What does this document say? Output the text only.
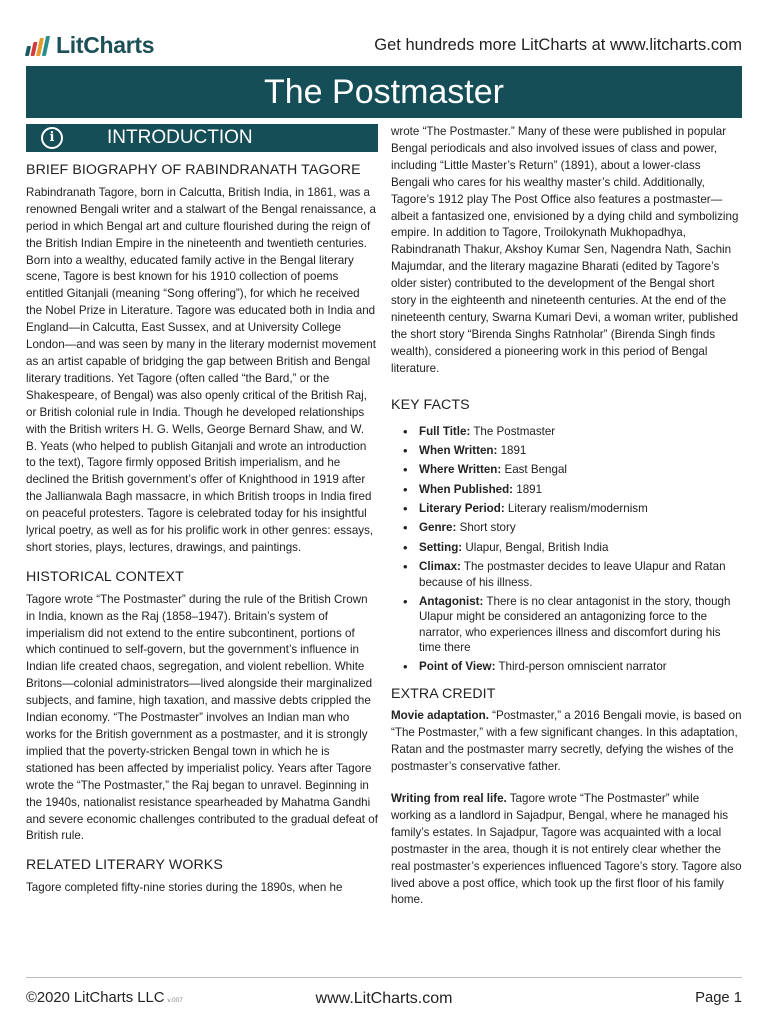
LitCharts	Get hundreds more LitCharts at www.litcharts.com
The Postmaster
i	INTRODUCTION
BRIEF BIOGRAPHY OF RABINDRANATH TAGORE

Rabindranath Tagore, born in Calcutta, British India, in 1861, was a renowned Bengali writer and a stalwart of the Bengal renaissance, a period in which Bengal art and culture flourished during the reign of the British Indian Empire in the nineteenth and twentieth centuries. Born into a wealthy, educated family active in the Bengal literary scene, Tagore is best known for his 1910 collection of poems entitled Gitanjali (meaning “Song offering”), for which he received the Nobel Prize in Literature. Tagore was educated both in India and England—in Calcutta, East Sussex, and at University College London—and was seen by many in the literary modernist movement as an artist capable of bridging the gap between British and Bengal literary traditions. Yet Tagore (often called “the Bard,” or the Shakespeare, of Bengal) was also openly critical of the British Raj, or British colonial rule in India. Though he developed relationships with the British writers H. G. Wells, George Bernard Shaw, and W. B. Yeats (who helped to publish Gitanjali and wrote an introduction to the text), Tagore firmly opposed British imperialism, and he declined the British government’s offer of Knighthood in 1919 after the Jallianwala Bagh massacre, in which British troops in India fired on peaceful protesters. Tagore is celebrated today for his insightful lyrical poetry, as well as for his prolific work in other genres: essays, short stories, plays, lectures, drawings, and paintings.

HISTORICAL CONTEXT

Tagore wrote “The Postmaster” during the rule of the British Crown in India, known as the Raj (1858–1947). Britain’s system of imperialism did not extend to the entire subcontinent, portions of which continued to self-govern, but the government’s influence in Indian life created chaos, segregation, and violent rebellion. White Britons—colonial administrators—lived alongside their marginalized subjects, and famine, high taxation, and massive debts crippled the Indian economy. “The Postmaster” involves an Indian man who works for the British government as a postmaster, and it is strongly implied that the poverty-stricken Bengal town in which he is stationed has been affected by imperialist policy. Years after Tagore wrote the “The Postmaster,” the Raj began to unravel. Beginning in the 1940s, nationalist resistance spearheaded by Mahatma Gandhi and severe economic challenges contributed to the gradual defeat of British rule.

RELATED LITERARY WORKS

Tagore completed fifty-nine stories during the 1890s, when he

wrote “The Postmaster.” Many of these were published in popular Bengal periodicals and also involved issues of class and power, including “Little Master’s Return” (1891), about a lower-class Bengali who cares for his wealthy master’s child. Additionally, Tagore’s 1912 play The Post Office also features a postmaster—albeit a fantasized one, envisioned by a dying child and symbolizing empire. In addition to Tagore, Troilokynath Mukhopadhya, Rabindranath Thakur, Akshoy Kumar Sen, Nagendra Nath, Sachin Majumdar, and the literary magazine Bharati (edited by Tagore’s older sister) contributed to the development of the Bengal short story in the eighteenth and nineteenth centuries. At the end of the nineteenth century, Swarna Kumari Devi, a woman writer, published the short story “Birenda Singhs Ratnholar” (Birenda Singh finds wealth), considered a pioneering work in this period of Bengal literature.

KEY FACTS
• Full Title: The Postmaster
• When Written: 1891
• Where Written: East Bengal
• When Published: 1891
• Literary Period: Literary realism/modernism
• Genre: Short story
• Setting: Ulapur, Bengal, British India
• Climax: The postmaster decides to leave Ulapur and Ratan because of his illness.
• Antagonist: There is no clear antagonist in the story, though Ulapur might be considered an antagonizing force to the narrator, who experiences illness and discomfort during his time there
• Point of View: Third-person omniscient narrator
EXTRA CREDIT

Movie adaptation. “Postmaster,” a 2016 Bengali movie, is based on “The Postmaster,” with a few significant changes. In this adaptation, Ratan and the postmaster marry secretly, defying the wishes of the postmaster’s conservative father.

Writing from real life. Tagore wrote “The Postmaster” while working as a landlord in Sajadpur, Bengal, where he managed his family’s estates. In Sajadpur, Tagore was acquainted with a local postmaster in the area, though it is not entirely clear whether the real postmaster’s experiences influenced Tagore’s story. Tagore also lived above a post office, which took up the first floor of his family home.

©2020 LitCharts LLC v.007	www.LitCharts.com	Page 1
